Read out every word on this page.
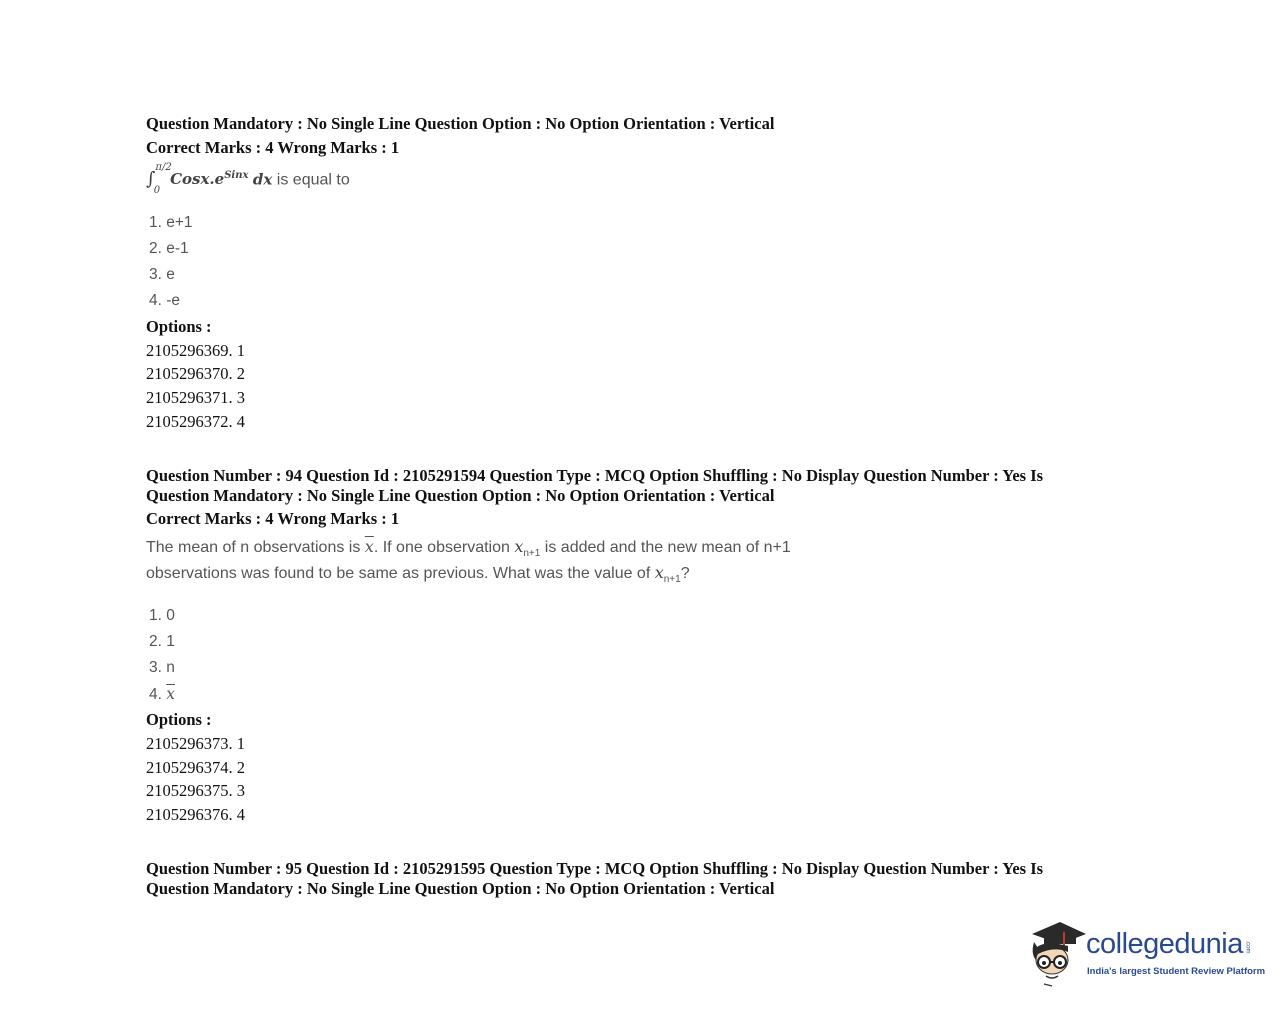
Question Mandatory : No Single Line Question Option : No Option Orientation : Vertical
Correct Marks : 4 Wrong Marks : 1
$\int^{\pi/2}_0Cosx.e^{Sinx}$ dx is equal to
1. e+1
2. e-1
3. e
4. -e
Options :
2105296369. 1
2105296370. 2
2105296371. 3
2105296372. 4
Question Number : 94 Question Id : 2105291594 Question Type : MCQ Option Shuffling : No Display Question Number : Yes Is
Question Mandatory : No Single Line Question Option : No Option Orientation : Vertical
Correct Marks : 4 Wrong Marks : 1
The mean of n observations is $\overline{x}$. If one observation $x_{n+1}$ is added and the new mean of n+1
observations was found to be same as previous. What was the value of $x_{n+1}$?
1. 0
2. 1
3. n
4. $\overline{x}$
Options :
2105296373. 1
2105296374. 2
2105296375. 3
2105296376. 4
Question Number : 95 Question Id : 2105291595 Question Type : MCQ Option Shuffling : No Display Question Number : Yes Is
Question Mandatory : No Single Line Question Option : No Option Orientation : Vertical
collegedunia .com
India's largest Student Review Platform
